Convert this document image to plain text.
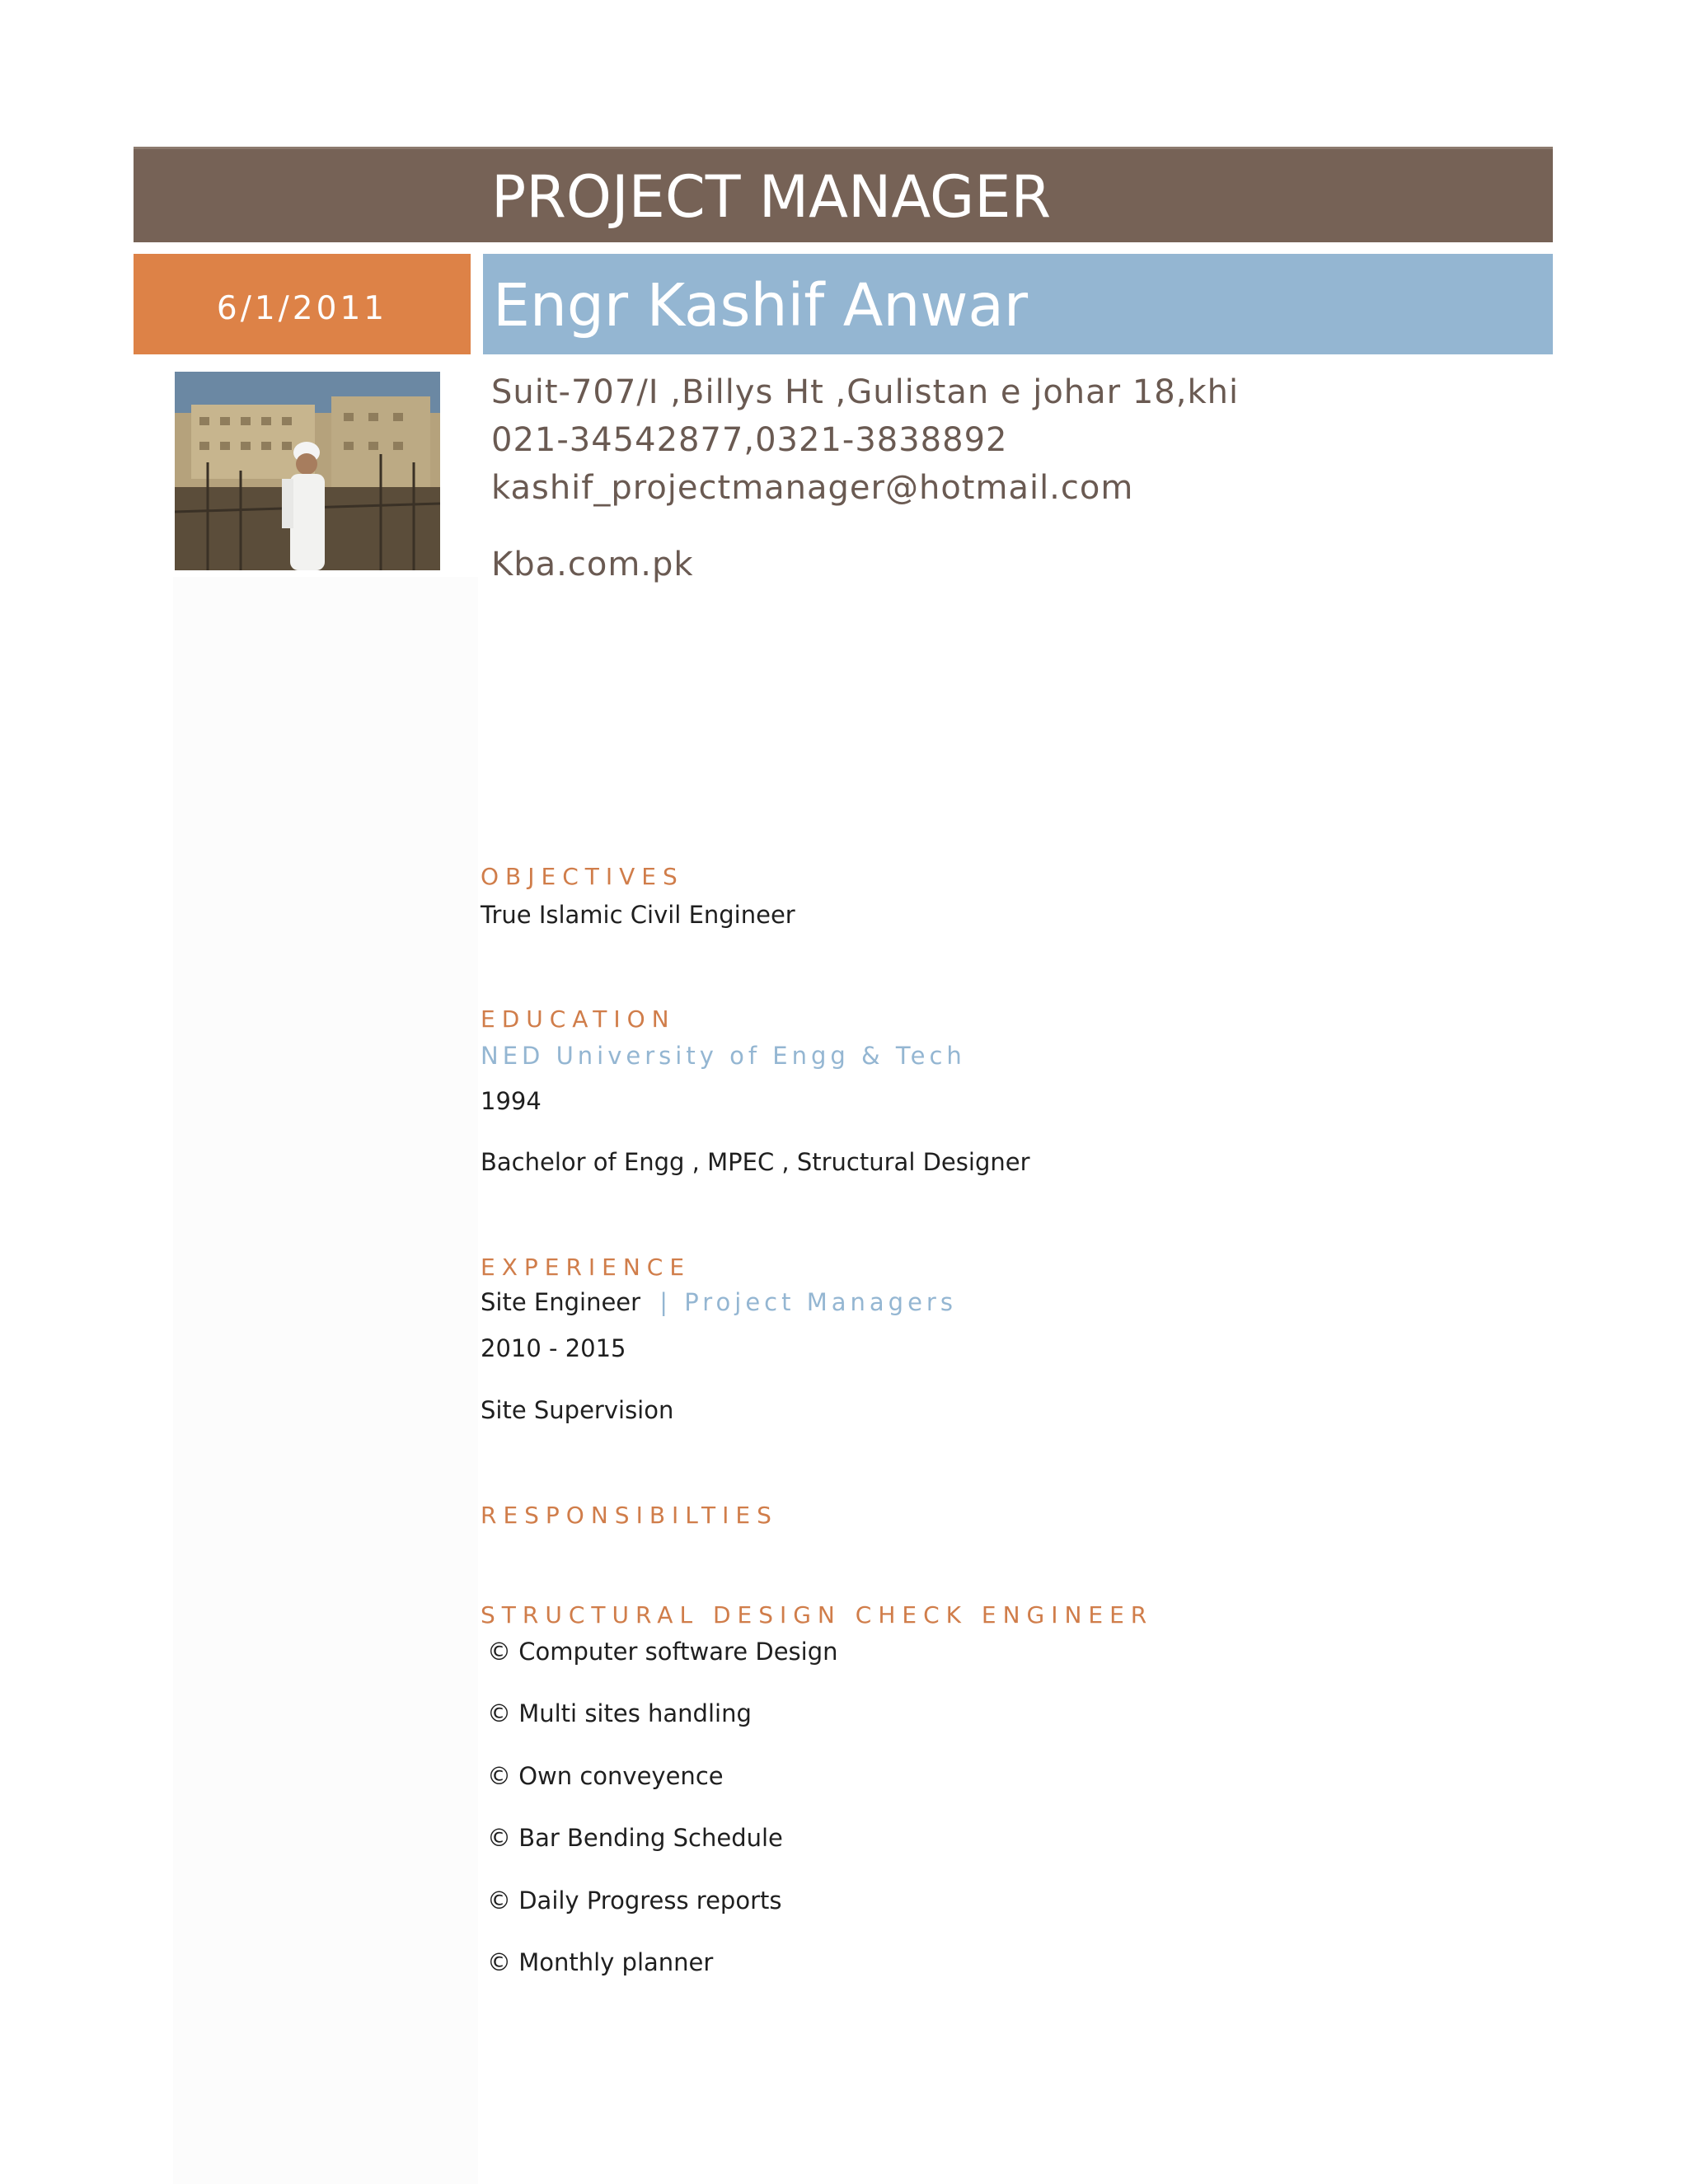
PROJECT MANAGER
6/1/2011	Engr Kashif Anwar
Suit-707/I ,Billys Ht ,Gulistan e johar 18,khi
021-34542877,0321-3838892
kashif_projectmanager@hotmail.com
Kba.com.pk
OBJECTIVES
True Islamic Civil Engineer
EDUCATION
NED University of Engg & Tech
1994
Bachelor of Engg , MPEC , Structural Designer
EXPERIENCE
Site Engineer | Project Managers
2010 - 2015
Site Supervision
RESPONSIBILTIES
STRUCTURAL DESIGN CHECK ENGINEER
© Computer software Design
© Multi sites handling
© Own conveyence
© Bar Bending Schedule
© Daily Progress reports
© Monthly planner
